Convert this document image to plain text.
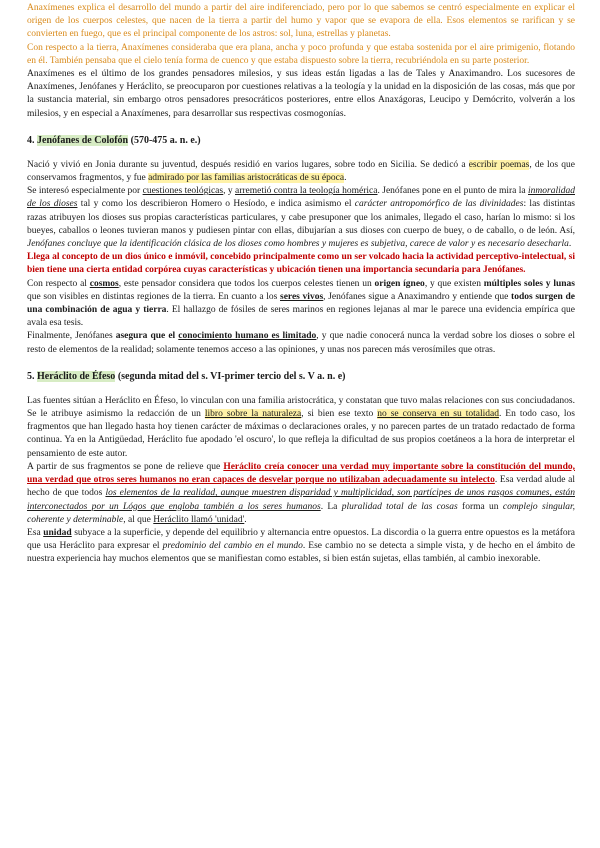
Anaxímenes explica el desarrollo del mundo a partir del aire indiferenciado, pero por lo que sabemos se centró especialmente en explicar el origen de los cuerpos celestes, que nacen de la tierra a partir del humo y vapor que se evapora de ella. Esos elementos se rarifican y se convierten en fuego, que es el principal componente de los astros: sol, luna, estrellas y planetas.

Con respecto a la tierra, Anaxímenes consideraba que era plana, ancha y poco profunda y que estaba sostenida por el aire primigenio, flotando en él. También pensaba que el cielo tenía forma de cuenco y que estaba dispuesto sobre la tierra, recubriéndola en su parte posterior.

Anaxímenes es el último de los grandes pensadores milesios, y sus ideas están ligadas a las de Tales y Anaximandro. Los sucesores de Anaxímenes, Jenófanes y Heráclito, se preocuparon por cuestiones relativas a la teología y la unidad en la disposición de las cosas, más que por la sustancia material, sin embargo otros pensadores presocráticos posteriores, entre ellos Anaxágoras, Leucipo y Demócrito, volverán a los milesios, y en especial a Anaxímenes, para desarrollar sus respectivas cosmogonías.

4. Jenófanes de Colofón (570-475 a. n. e.)

Nació y vivió en Jonia durante su juventud, después residió en varios lugares, sobre todo en Sicilia. Se dedicó a escribir poemas, de los que conservamos fragmentos, y fue admirado por las familias aristocráticas de su época.

Se interesó especialmente por cuestiones teológicas, y arremetió contra la teología homérica. Jenófanes pone en el punto de mira la inmoralidad de los dioses tal y como los describieron Homero o Hesíodo, e indica asimismo el carácter antropomórfico de las divinidades: las distintas razas atribuyen los dioses sus propias características particulares, y cabe presuponer que los animales, llegado el caso, harían lo mismo: si los bueyes, caballos o leones tuvieran manos y pudiesen pintar con ellas, dibujarían a sus dioses con cuerpo de buey, o de caballo, o de león. Así, Jenófanes concluye que la identificación clásica de los dioses como hombres y mujeres es subjetiva, carece de valor y es necesario desecharla.

Llega al concepto de un dios único e inmóvil, concebido principalmente como un ser volcado hacia la actividad perceptivo-intelectual, si bien tiene una cierta entidad corpórea cuyas características y ubicación tienen una importancia secundaria para Jenófanes.

Con respecto al cosmos, este pensador considera que todos los cuerpos celestes tienen un origen ígneo, y que existen múltiples soles y lunas que son visibles en distintas regiones de la tierra. En cuanto a los seres vivos, Jenófanes sigue a Anaximandro y entiende que todos surgen de una combinación de agua y tierra. El hallazgo de fósiles de seres marinos en regiones lejanas al mar le parece una evidencia empírica que avala esa tesis.

Finalmente, Jenófanes asegura que el conocimiento humano es limitado, y que nadie conocerá nunca la verdad sobre los dioses o sobre el resto de elementos de la realidad; solamente tenemos acceso a las opiniones, y unas nos parecen más verosímiles que otras.

5. Heráclito de Éfeso (segunda mitad del s. VI-primer tercio del s. V a. n. e)

Las fuentes sitúan a Heráclito en Éfeso, lo vinculan con una familia aristocrática, y constatan que tuvo malas relaciones con sus conciudadanos. Se le atribuye asimismo la redacción de un libro sobre la naturaleza, si bien ese texto no se conserva en su totalidad. En todo caso, los fragmentos que han llegado hasta hoy tienen carácter de máximas o declaraciones orales, y no parecen partes de un tratado redactado de forma continua. Ya en la Antigüedad, Heráclito fue apodado 'el oscuro', lo que refleja la dificultad de sus propios coetáneos a la hora de interpretar el pensamiento de este autor.

A partir de sus fragmentos se pone de relieve que Heráclito creía conocer una verdad muy importante sobre la constitución del mundo, una verdad que otros seres humanos no eran capaces de desvelar porque no utilizaban adecuadamente su intelecto. Esa verdad alude al hecho de que todos los elementos de la realidad, aunque muestren disparidad y multiplicidad, son partícipes de unos rasgos comunes, están interconectados por un Lógos que engloba también a los seres humanos. La pluralidad total de las cosas forma un complejo singular, coherente y determinable, al que Heráclito llamó 'unidad'.

Esa unidad subyace a la superficie, y depende del equilibrio y alternancia entre opuestos. La discordia o la guerra entre opuestos es la metáfora que usa Heráclito para expresar el predominio del cambio en el mundo. Ese cambio no se detecta a simple vista, y de hecho en el ámbito de nuestra experiencia hay muchos elementos que se manifiestan como estables, si bien están sujetas, ellas también, al cambio inexorable.
